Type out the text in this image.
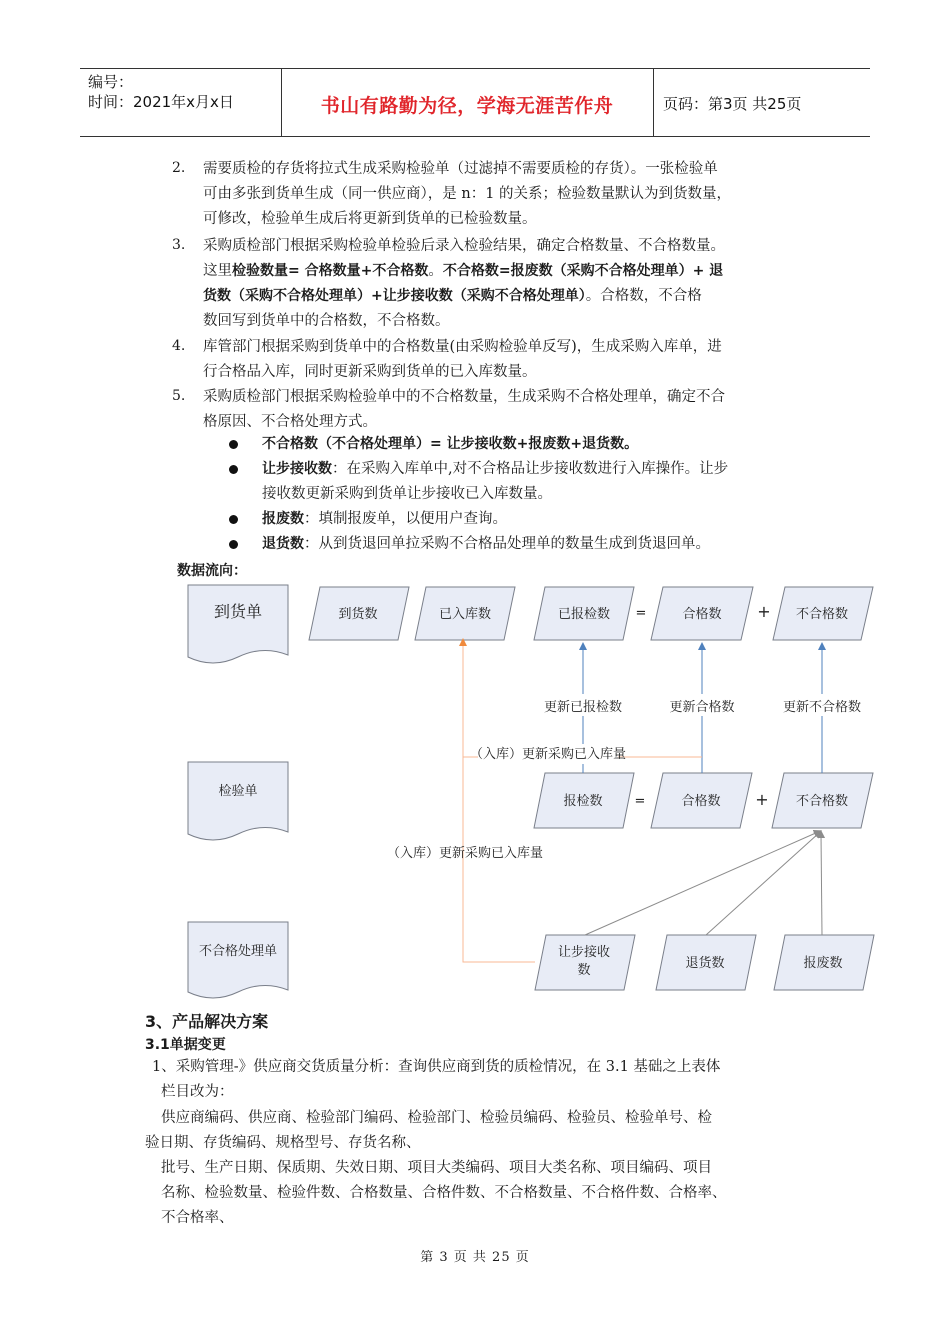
编号：
时间：2021年x月x日	书山有路勤为径，学海无涯苦作舟	页码：第3页 共25页
2.	需要质检的存货将拉式生成采购检验单（过滤掉不需要质检的存货）。一张检验单
可由多张到货单生成（同一供应商），是 n：1 的关系；检验数量默认为到货数量，
可修改，检验单生成后将更新到货单的已检验数量。
3.	采购质检部门根据采购检验单检验后录入检验结果，确定合格数量、不合格数量。
这里检验数量= 合格数量+不合格数。不合格数=报废数（采购不合格处理单）+ 退
货数（采购不合格处理单）+让步接收数（采购不合格处理单）。合格数，不合格
数回写到货单中的合格数，不合格数。
4.	库管部门根据采购到货单中的合格数量(由采购检验单反写)，生成采购入库单，进
行合格品入库，同时更新采购到货单的已入库数量。
5.	采购质检部门根据采购检验单中的不合格数量，生成采购不合格处理单，确定不合
格原因、不合格处理方式。
不合格数（不合格处理单）= 让步接收数+报废数+退货数。
让步接收数：在采购入库单中,对不合格品让步接收数进行入库操作。让步
接收数更新采购到货单让步接收已入库数量。
报废数：填制报废单，以便用户查询。
退货数：从到货退回单拉采购不合格品处理单的数量生成到货退回单。
数据流向：
到货单
检验单
不合格处理单
到货数	已入库数	已报检数 =	合格数 + 不合格数
报检数 =	合格数 + 不合格数
让步接收数	退货数	报废数
更新已报检数	更新合格数	更新不合格数
（入库）更新采购已入库量
（入库）更新采购已入库量
3、产品解决方案
3.1单据变更
1、采购管理-》供应商交货质量分析：查询供应商到货的质检情况，在 3.1 基础之上表体
栏目改为：
供应商编码、供应商、检验部门编码、检验部门、检验员编码、检验员、检验单号、检
验日期、存货编码、规格型号、存货名称、
批号、生产日期、保质期、失效日期、项目大类编码、项目大类名称、项目编码、项目
名称、检验数量、检验件数、合格数量、合格件数、不合格数量、不合格件数、合格率、
不合格率、
第 3 页 共 25 页
